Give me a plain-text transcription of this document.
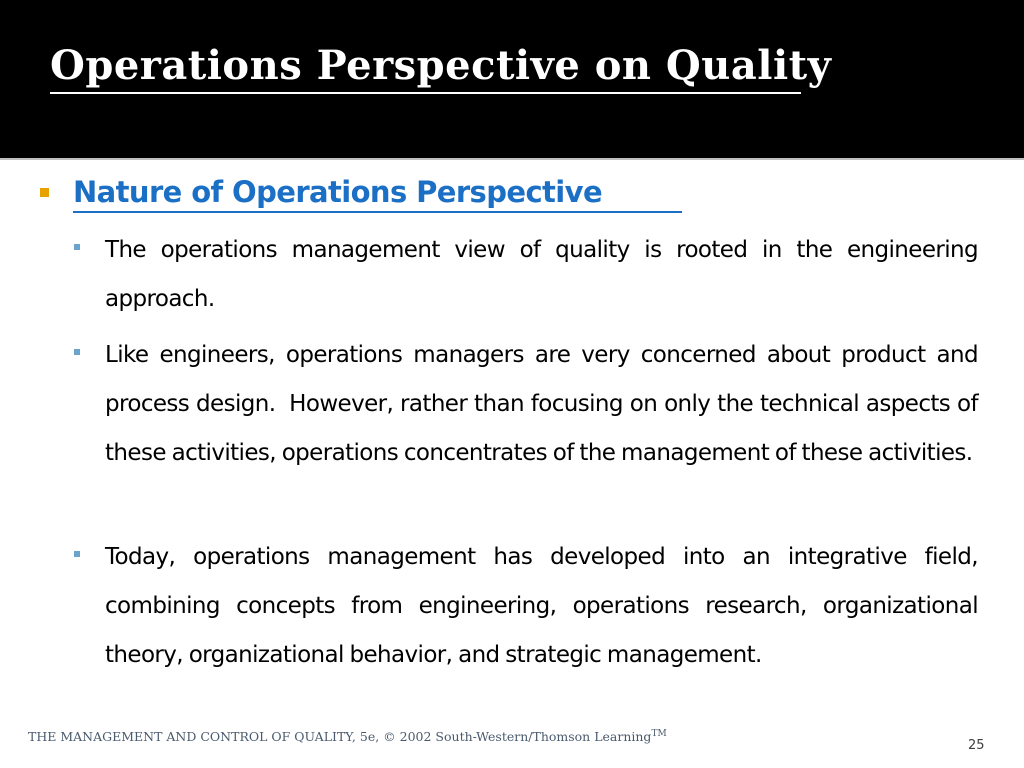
Operations Perspective on Quality
Nature of Operations Perspective
The operations management view of quality is rooted in the engineering approach.
Like engineers, operations managers are very concerned about product and process design.  However, rather than focusing on only the technical aspects of these activities, operations concentrates of the management of these activities.
Today, operations management has developed into an integrative field, combining concepts from engineering, operations research, organizational theory, organizational behavior, and strategic management.
THE MANAGEMENT AND CONTROL OF QUALITY, 5e, © 2002 South-Western/Thomson Learning™
25
